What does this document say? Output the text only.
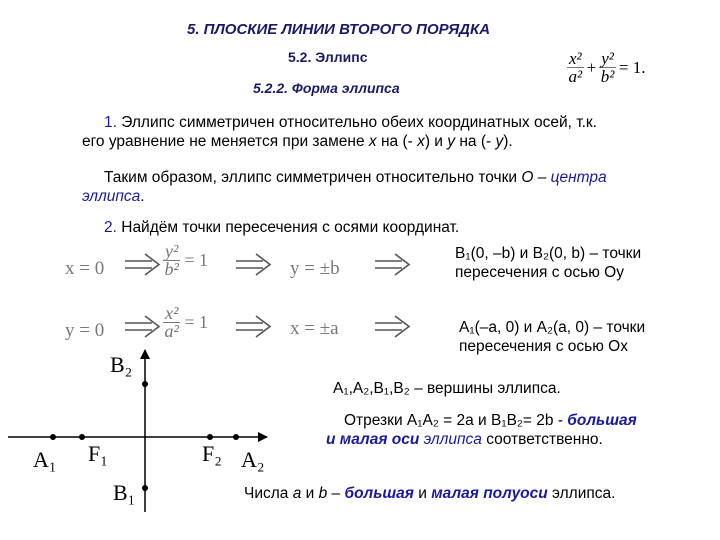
5. ПЛОСКИЕ ЛИНИИ ВТОРОГО ПОРЯДКА
5.2. Эллипс
5.2.2. Форма эллипса
$\frac{\text{x²}}{\text{a²}} + \frac{\text{y²}}{\text{b²}} = 1$.
1. Эллипс симметричен относительно обеих координатных осей, т.к.
его уравнение не меняется при замене x на (- x) и y на (- y).
Таким образом, эллипс симметричен относительно точки O – центра
эллипса.
2. Найдём точки пересечения с осями координат.
x = 0	$\frac{\text{y²}}{\text{b²}} = 1$	y = ±b
B₁(0, –b) и B₂(0, b) – точки
пересечения с осью Oy
y = 0	$\frac{\text{x²}}{\text{a²}} = 1$	x = ±a	A₁(–a, 0) и A₂(a, 0) – точки
пересечения с осью Ox
A₁,A₂,B₁,B₂ – вершины эллипса.
Отрезки A₁A₂ = 2a и B₁B₂= 2b - большая
и малая оси эллипса соответственно.
Числа a и b – большая и малая полуоси эллипса.
B₂
B₁
A₁ F₁	F₂ A₂
